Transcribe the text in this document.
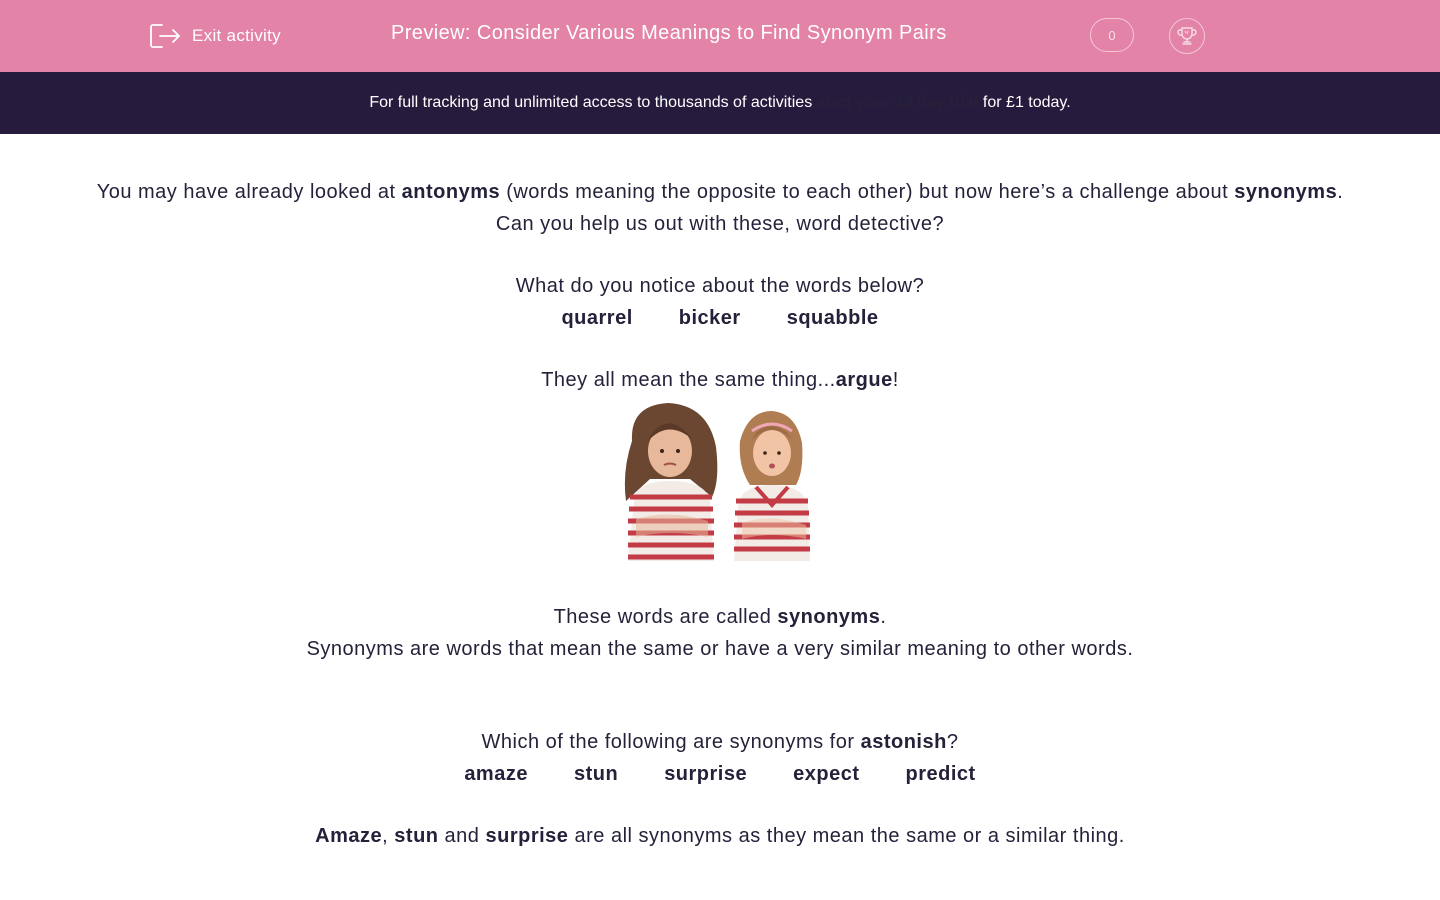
Exit activity	Preview: Consider Various Meanings to Find Synonym Pairs	0
For full tracking and unlimited access to thousands of activities start your 14 day trial for £1 today.

You may have already looked at antonyms (words meaning the opposite to each other) but now here’s a challenge about synonyms.

Can you help us out with these, word detective?

What do you notice about the words below?

quarrel bicker squabble

They all mean the same thing...argue!

These words are called synonyms.

Synonyms are words that mean the same or have a very similar meaning to other words.

Which of the following are synonyms for astonish?

amaze stun surprise expect predict

Amaze, stun and surprise are all synonyms as they mean the same or a similar thing.
